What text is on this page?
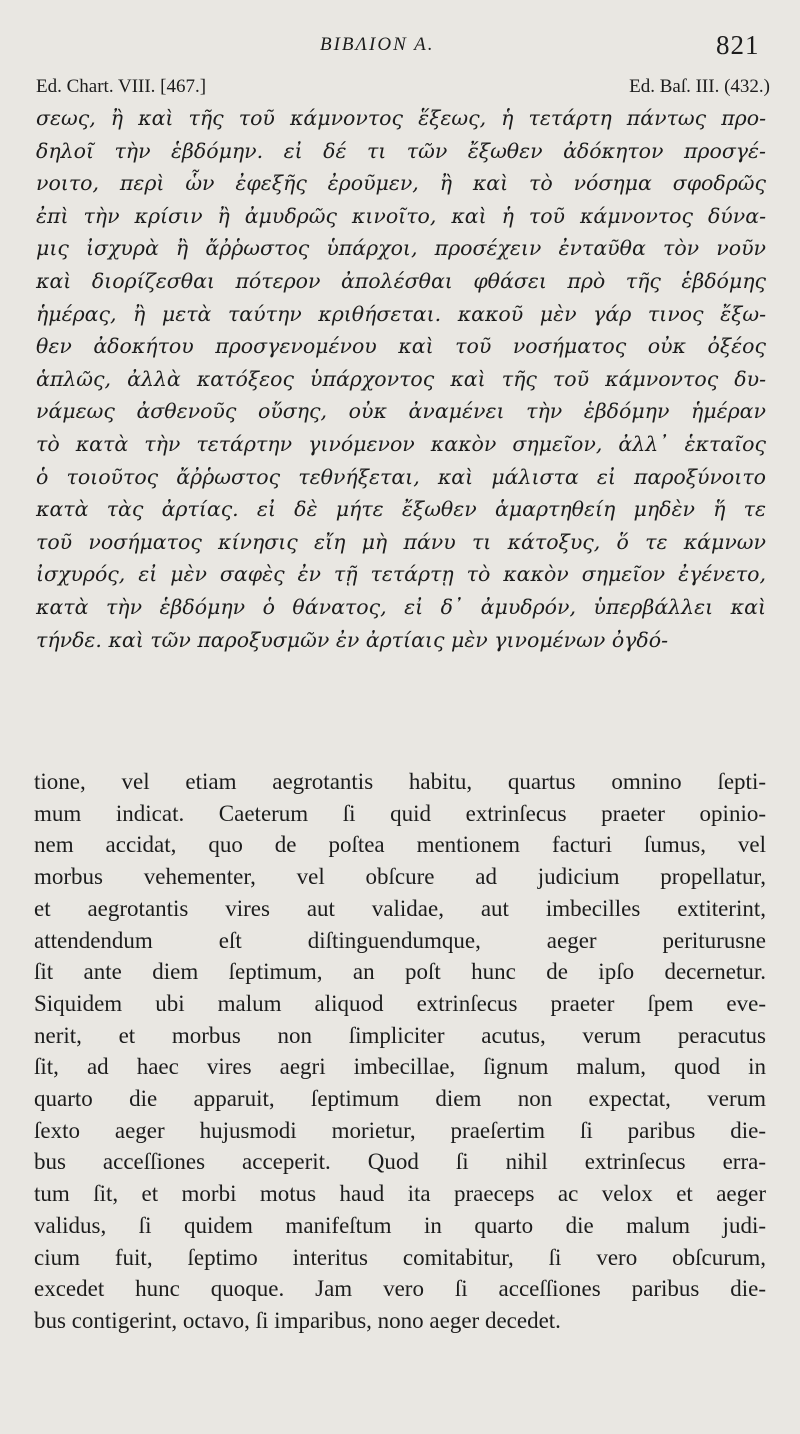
ΒΙΒΛΙΟΝ Α.	821
Ed. Chart. VIII. [467.]	Ed. Baſ. III. (432.)
σεως, ἢ καὶ τῆς τοῦ κάμνοντος ἕξεως, ἡ τετάρτη πάντως προ-
δηλοῖ τὴν ἑβδόμην. εἰ δέ τι τῶν ἔξωθεν ἀδόκητον προσγέ-
νοιτο, περὶ ὧν ἐφεξῆς ἐροῦμεν, ἢ καὶ τὸ νόσημα σφοδρῶς
ἐπὶ τὴν κρίσιν ἢ ἀμυδρῶς κινοῖτο, καὶ ἡ τοῦ κάμνοντος δύνα-
μις ἰσχυρὰ ἢ ἄῤῥωστος ὑπάρχοι, προσέχειν ἐνταῦθα τὸν νοῦν
καὶ διορίζεσθαι πότερον ἀπολέσθαι φθάσει πρὸ τῆς ἑβδόμης
ἡμέρας, ἢ μετὰ ταύτην κριθήσεται. κακοῦ μὲν γάρ τινος ἔξω-
θεν ἀδοκήτου προσγενομένου καὶ τοῦ νοσήματος οὐκ ὀξέος
ἁπλῶς, ἀλλὰ κατόξεος ὑπάρχοντος καὶ τῆς τοῦ κάμνοντος δυ-
νάμεως ἀσθενοῦς οὔσης, οὐκ ἀναμένει τὴν ἑβδόμην ἡμέραν
τὸ κατὰ τὴν τετάρτην γινόμενον κακὸν σημεῖον, ἀλλ᾽ ἑκταῖος
ὁ τοιοῦτος ἄῤῥωστος τεθνήξεται, καὶ μάλιστα εἰ παροξύνοιτο
κατὰ τὰς ἀρτίας. εἰ δὲ μήτε ἔξωθεν ἁμαρτηθείη μηδὲν ἥ τε
τοῦ νοσήματος κίνησις εἴη μὴ πάνυ τι κάτοξυς, ὅ τε κάμνων
ἰσχυρός, εἰ μὲν σαφὲς ἐν τῇ τετάρτῃ τὸ κακὸν σημεῖον ἐγένετο,
κατὰ τὴν ἑβδόμην ὁ θάνατος, εἰ δ᾽ ἀμυδρόν, ὑπερβάλλει καὶ
τήνδε. καὶ τῶν παροξυσμῶν ἐν ἀρτίαις μὲν γινομένων ὀγδό-
tione, vel etiam aegrotantis habitu, quartus omnino ſepti-
mum indicat. Caeterum ſi quid extrinſecus praeter opinio-
nem accidat, quo de poſtea mentionem facturi ſumus, vel
morbus vehementer, vel obſcure ad judicium propellatur,
et aegrotantis vires aut validae, aut imbecilles extiterint,
attendendum eſt diſtinguendumque, aeger periturusne
ſit ante diem ſeptimum, an poſt hunc de ipſo decernetur.
Siquidem ubi malum aliquod extrinſecus praeter ſpem eve-
nerit, et morbus non ſimpliciter acutus, verum peracutus
ſit, ad haec vires aegri imbecillae, ſignum malum, quod in
quarto die apparuit, ſeptimum diem non expectat, verum
ſexto aeger hujusmodi morietur, praeſertim ſi paribus die-
bus acceſſiones acceperit. Quod ſi nihil extrinſecus erra-
tum ſit, et morbi motus haud ita praeceps ac velox et aeger
validus, ſi quidem manifeſtum in quarto die malum judi-
cium fuit, ſeptimo interitus comitabitur, ſi vero obſcurum,
excedet hunc quoque. Jam vero ſi acceſſiones paribus die-
bus contigerint, octavo, ſi imparibus, nono aeger decedet.
